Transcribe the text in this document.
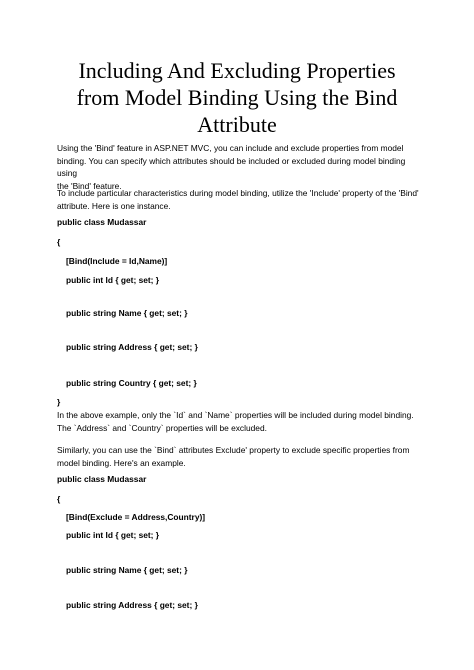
Including And Excluding Properties
from Model Binding Using the Bind
Attribute

Using the 'Bind' feature in ASP.NET MVC, you can include and exclude properties from model
binding. You can specify which attributes should be included or excluded during model binding using
the 'Bind' feature.

To include particular characteristics during model binding, utilize the 'Include' property of the 'Bind'
attribute. Here is one instance.

public class Mudassar
{
[Bind(Include = Id,Name)]
public int Id { get; set; }
public string Name { get; set; }
public string Address { get; set; }
public string Country { get; set; }
}

In the above example, only the `Id` and `Name` properties will be included during model binding.
The `Address` and `Country` properties will be excluded.

Similarly, you can use the `Bind` attributes Exclude' property to exclude specific properties from
model binding. Here's an example.

public class Mudassar
{
[Bind(Exclude = Address,Country)]
public int Id { get; set; }
public string Name { get; set; }
public string Address { get; set; }
